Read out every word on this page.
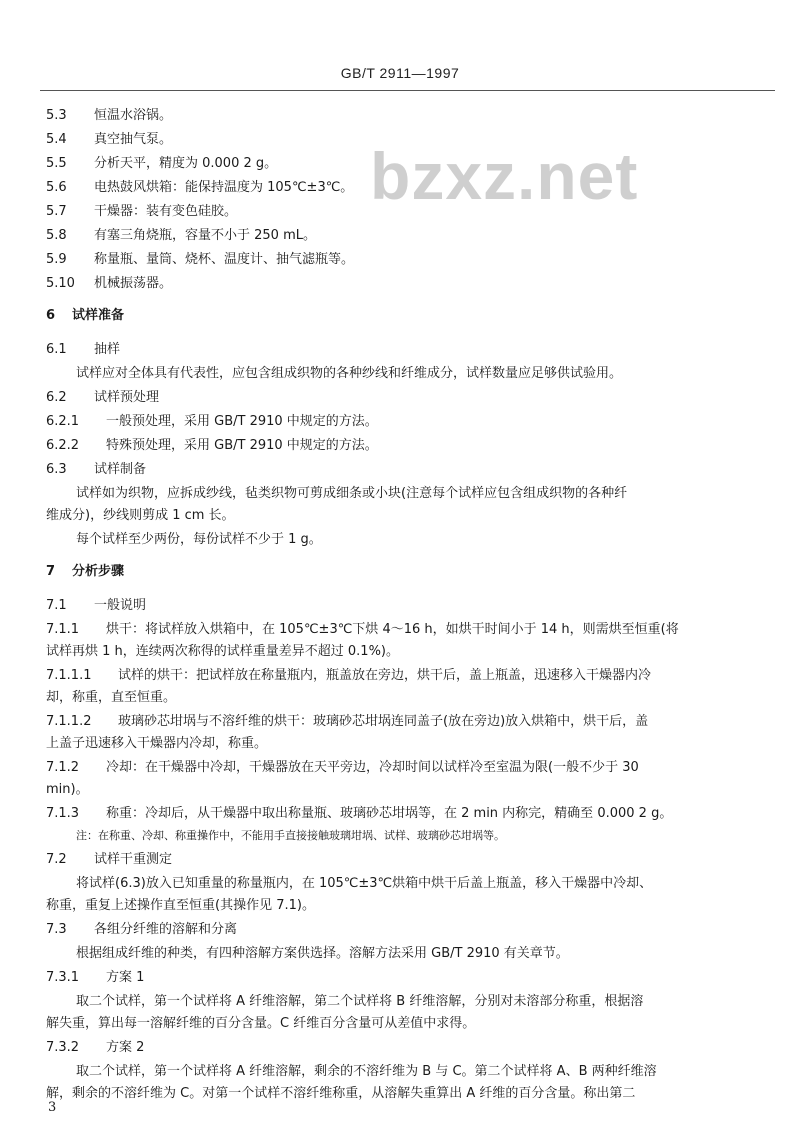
GB/T 2911—1997
bzxz.net
5.3 恒温水浴锅。
5.4 真空抽气泵。
5.5 分析天平，精度为 0.000 2 g。
5.6 电热鼓风烘箱：能保持温度为 105℃±3℃。
5.7 干燥器：装有变色硅胶。
5.8 有塞三角烧瓶，容量不小于 250 mL。
5.9 称量瓶、量筒、烧杯、温度计、抽气滤瓶等。
5.10 机械振荡器。
6 试样准备
6.1 抽样
试样应对全体具有代表性，应包含组成织物的各种纱线和纤维成分，试样数量应足够供试验用。
6.2 试样预处理
6.2.1 一般预处理，采用 GB/T 2910 中规定的方法。
6.2.2 特殊预处理，采用 GB/T 2910 中规定的方法。
6.3 试样制备
试样如为织物，应拆成纱线，毡类织物可剪成细条或小块(注意每个试样应包含组成织物的各种纤
维成分)，纱线则剪成 1 cm 长。
每个试样至少两份，每份试样不少于 1 g。
7 分析步骤
7.1 一般说明
7.1.1 烘干：将试样放入烘箱中，在 105℃±3℃下烘 4～16 h，如烘干时间小于 14 h，则需烘至恒重(将
试样再烘 1 h，连续两次称得的试样重量差异不超过 0.1%)。
7.1.1.1 试样的烘干：把试样放在称量瓶内，瓶盖放在旁边，烘干后，盖上瓶盖，迅速移入干燥器内冷
却，称重，直至恒重。
7.1.1.2 玻璃砂芯坩埚与不溶纤维的烘干：玻璃砂芯坩埚连同盖子(放在旁边)放入烘箱中，烘干后，盖
上盖子迅速移入干燥器内冷却，称重。
7.1.2 冷却：在干燥器中冷却，干燥器放在天平旁边，冷却时间以试样冷至室温为限(一般不少于 30
min)。
7.1.3 称重：冷却后，从干燥器中取出称量瓶、玻璃砂芯坩埚等，在 2 min 内称完，精确至 0.000 2 g。
注：在称重、冷却、称重操作中，不能用手直接接触玻璃坩埚、试样、玻璃砂芯坩埚等。
7.2 试样干重测定
将试样(6.3)放入已知重量的称量瓶内，在 105℃±3℃烘箱中烘干后盖上瓶盖，移入干燥器中冷却、
称重，重复上述操作直至恒重(其操作见 7.1)。
7.3 各组分纤维的溶解和分离
根据组成纤维的种类，有四种溶解方案供选择。溶解方法采用 GB/T 2910 有关章节。
7.3.1 方案 1
取二个试样，第一个试样将 A 纤维溶解，第二个试样将 B 纤维溶解，分别对未溶部分称重，根据溶
解失重，算出每一溶解纤维的百分含量。C 纤维百分含量可从差值中求得。
7.3.2 方案 2
取二个试样，第一个试样将 A 纤维溶解，剩余的不溶纤维为 B 与 C。第二个试样将 A、B 两种纤维溶
解，剩余的不溶纤维为 C。对第一个试样不溶纤维称重，从溶解失重算出 A 纤维的百分含量。称出第二
3
